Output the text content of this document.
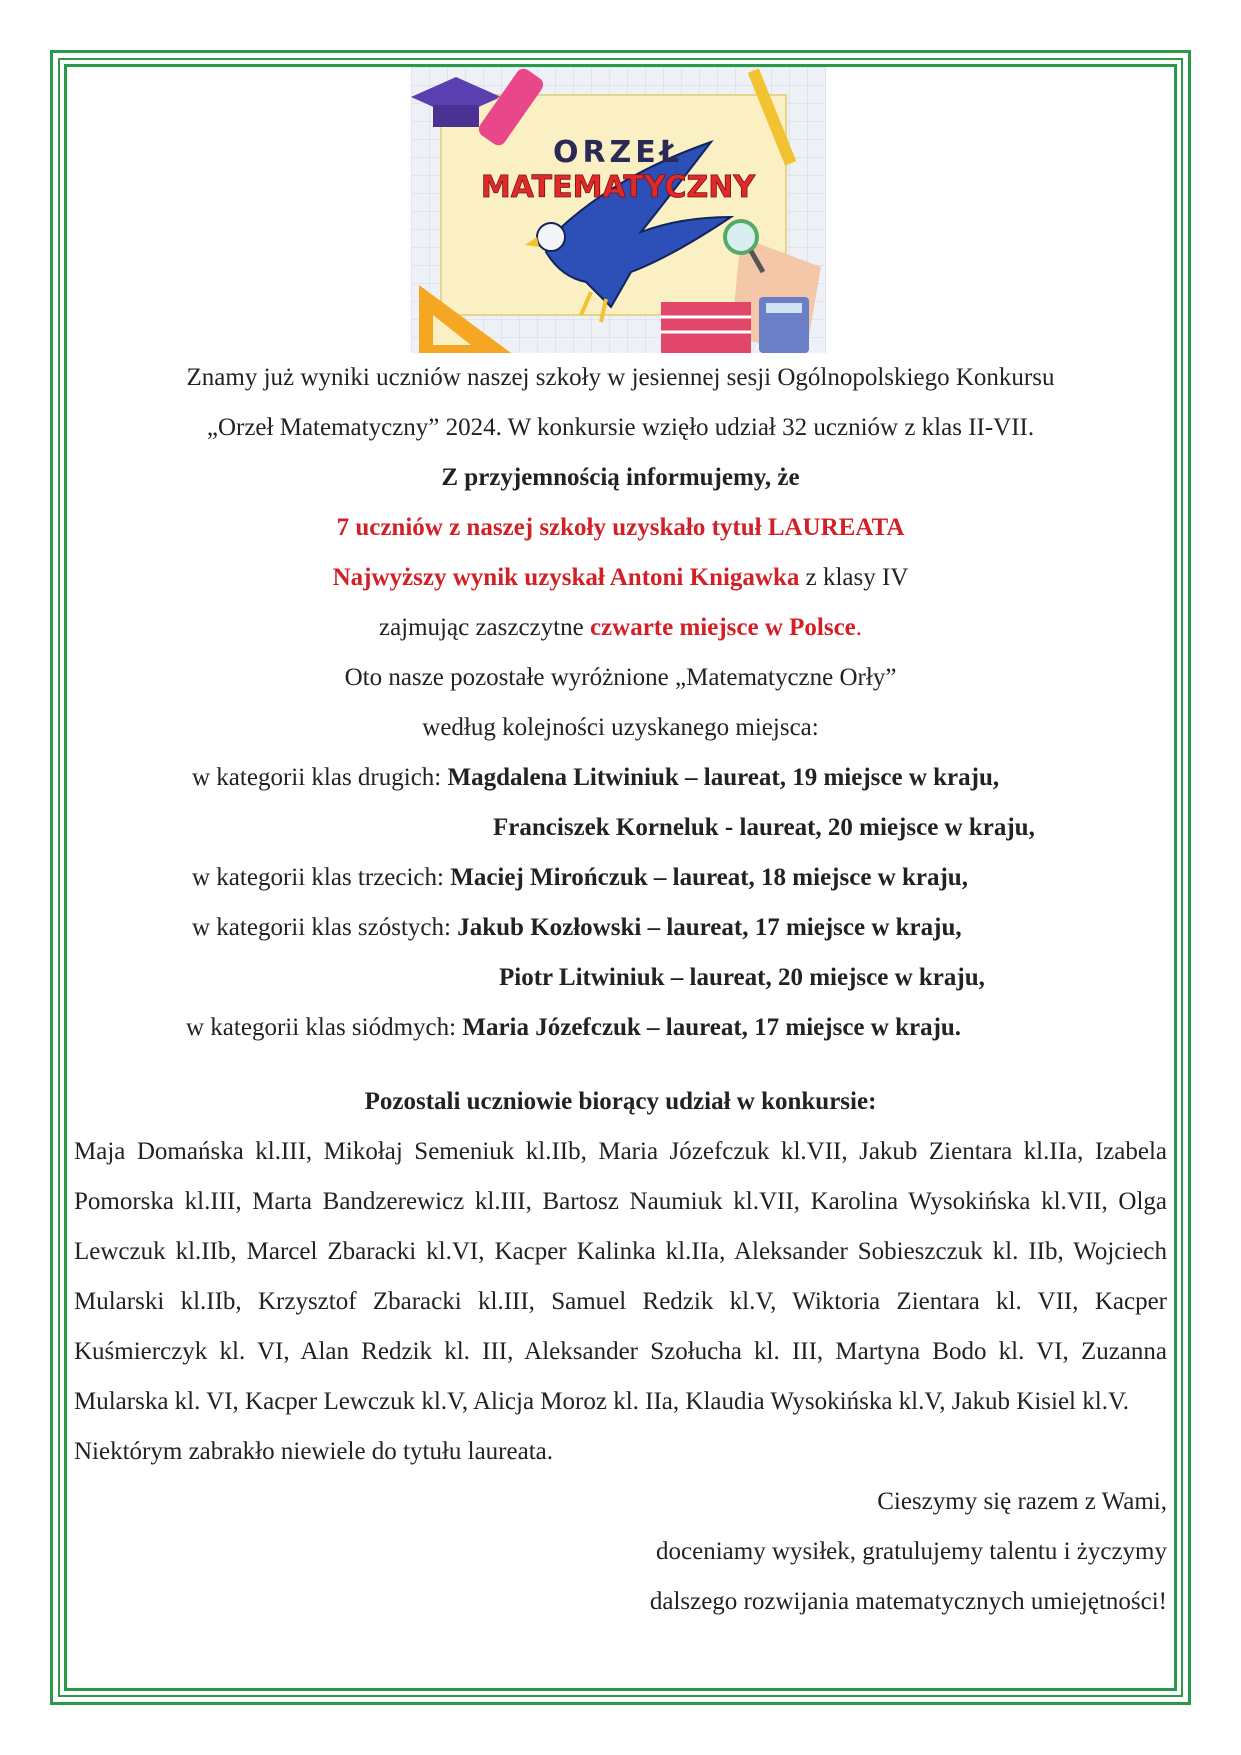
ORZEŁ
MATEMATYCZNY

Znamy już wyniki uczniów naszej szkoły w jesiennej sesji Ogólnopolskiego Konkursu

„Orzeł Matematyczny” 2024. W konkursie wzięło udział 32 uczniów z klas II-VII.

Z przyjemnością informujemy, że

7 uczniów z naszej szkoły uzyskało tytuł LAUREATA

Najwyższy wynik uzyskał Antoni Knigawka z klasy IV

zajmując zaszczytne czwarte miejsce w Polsce.

Oto nasze pozostałe wyróżnione „Matematyczne Orły”

według kolejności uzyskanego miejsca:

w kategorii klas drugich: Magdalena Litwiniuk – laureat, 19 miejsce w kraju,

Franciszek Korneluk - laureat, 20 miejsce w kraju,

w kategorii klas trzecich: Maciej Mirończuk – laureat, 18 miejsce w kraju,

w kategorii klas szóstych: Jakub Kozłowski – laureat, 17 miejsce w kraju,

Piotr Litwiniuk – laureat, 20 miejsce w kraju,

w kategorii klas siódmych: Maria Józefczuk – laureat, 17 miejsce w kraju.

Pozostali uczniowie biorący udział w konkursie:

Maja Domańska kl.III, Mikołaj Semeniuk kl.IIb, Maria Józefczuk kl.VII, Jakub Zientara kl.IIa, Izabela Pomorska kl.III, Marta Bandzerewicz kl.III, Bartosz Naumiuk kl.VII, Karolina Wysokińska kl.VII, Olga Lewczuk kl.IIb, Marcel Zbaracki kl.VI, Kacper Kalinka kl.IIa, Aleksander Sobieszczuk kl. IIb, Wojciech Mularski kl.IIb, Krzysztof Zbaracki kl.III, Samuel Redzik kl.V, Wiktoria Zientara kl. VII, Kacper Kuśmierczyk kl. VI, Alan Redzik kl. III, Aleksander Szołucha kl. III, Martyna Bodo kl. VI, Zuzanna Mularska kl. VI, Kacper Lewczuk kl.V, Alicja Moroz kl. IIa, Klaudia Wysokińska kl.V, Jakub Kisiel kl.V.

Niektórym zabrakło niewiele do tytułu laureata.

Cieszymy się razem z Wami,

doceniamy wysiłek, gratulujemy talentu i życzymy

dalszego rozwijania matematycznych umiejętności!
